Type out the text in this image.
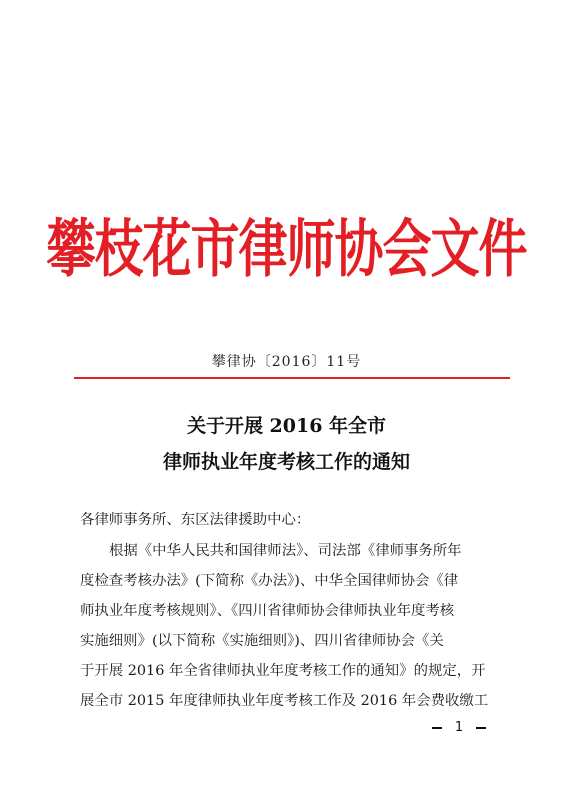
攀枝花市律师协会文件
攀律协〔2016〕11号
关于开展 2016 年全市
律师执业年度考核工作的通知
各律师事务所、东区法律援助中心：
根据《中华人民共和国律师法》、司法部《律师事务所年
度检查考核办法》(下简称《办法》)、中华全国律师协会《律
师执业年度考核规则》、《四川省律师协会律师执业年度考核
实施细则》(以下简称《实施细则》)、四川省律师协会《关
于开展 2016 年全省律师执业年度考核工作的通知》的规定，开
展全市 2015 年度律师执业年度考核工作及 2016 年会费收缴工
1
